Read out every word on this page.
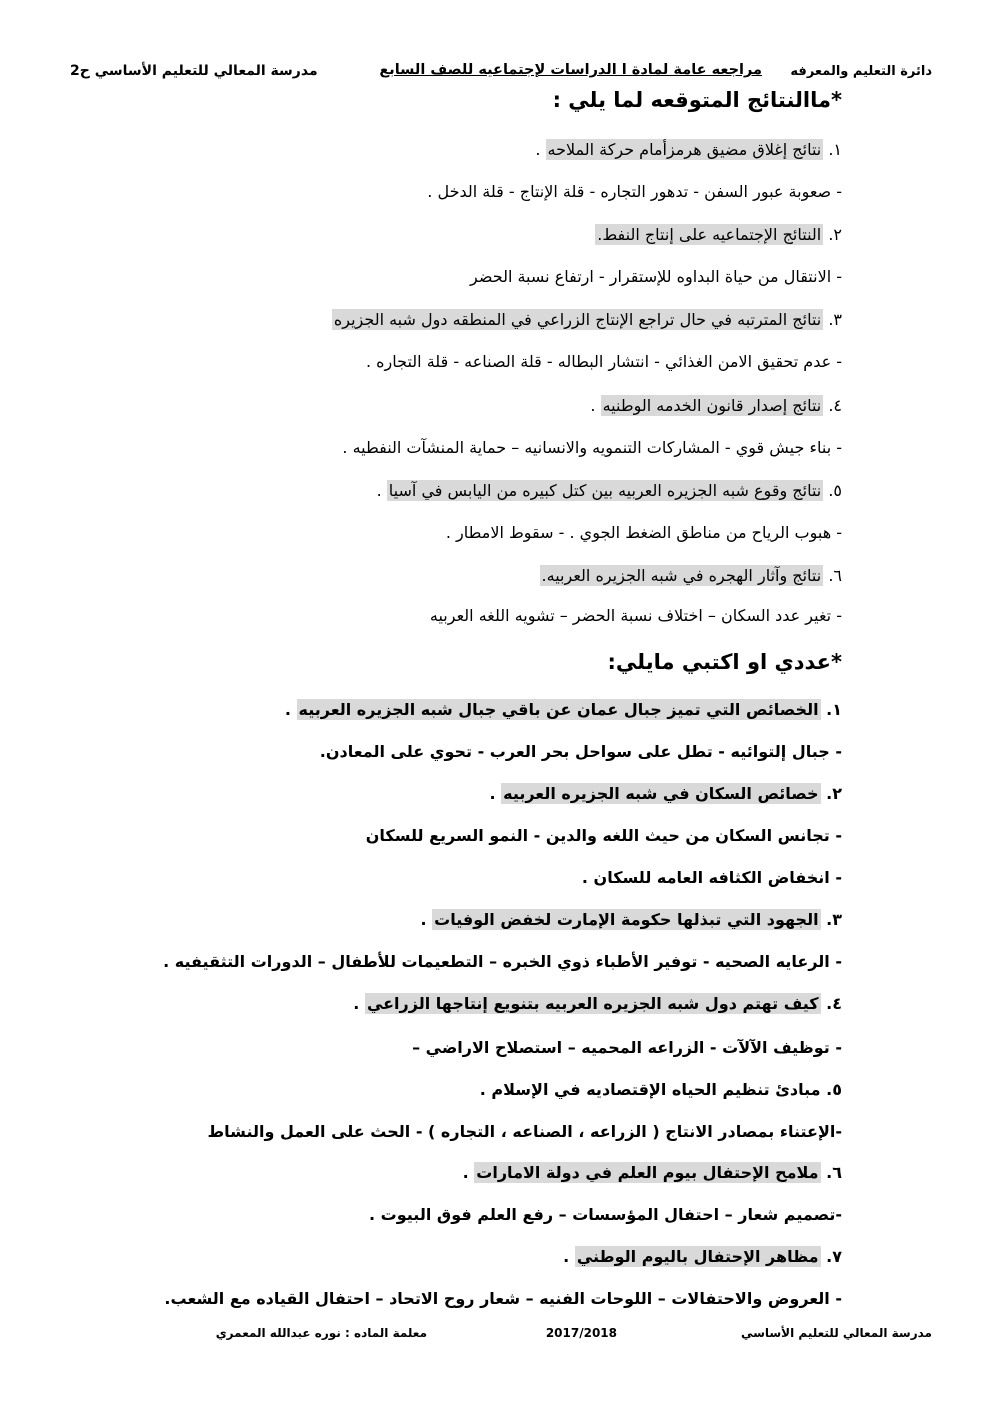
دائرة التعليم والمعرفه
مراجعه عامة لمادة ا الدراسات لإجتماعيه للصف السابع
مدرسة المعالي للتعليم الأساسي ح2
*ماالنتائج المتوقعه لما يلي :
١. نتائج إغلاق مضيق هرمزأمام حركة الملاحه .
- صعوبة عبور السفن - تدهور التجاره - قلة الإنتاج - قلة الدخل .
٢. النتائج الإجتماعيه على إنتاج النفط.
- الانتقال من حياة البداوه للإستقرار - ارتفاع نسبة الحضر
٣. نتائج المترتبه في حال تراجع الإنتاج الزراعي في المنطقه دول شبه الجزيره
- عدم تحقيق الامن الغذائي - انتشار البطاله - قلة الصناعه - قلة التجاره .
٤. نتائج إصدار قانون الخدمه الوطنيه .
- بناء جيش قوي - المشاركات التنمويه والانسانيه – حماية المنشآت النفطيه .
٥. نتائج وقوع شبه الجزيره العربيه بين كتل كبيره من اليابس في آسيا .
- هبوب الرياح من مناطق الضغط الجوي . - سقوط الامطار .
٦. نتائج وآثار الهجره في شبه الجزيره العربيه.
- تغير عدد السكان – اختلاف نسبة الحضر – تشويه اللغه العربيه
*عددي او اكتبي مايلي:
١. الخصائص التي تميز جبال عمان عن باقي جبال شبه الجزيره العربيه .
- جبال إلتوائيه - تطل على سواحل بحر العرب - تحوي على المعادن.
٢. خصائص السكان في شبه الجزيره العربيه .
- تجانس السكان من حيث اللغه والدين - النمو السريع للسكان
- انخفاض الكثافه العامه للسكان .
٣. الجهود التي تبذلها حكومة الإمارت لخفض الوفيات .
- الرعايه الصحيه - توفير الأطباء ذوي الخبره – التطعيمات للأطفال – الدورات التثقيفيه .
٤. كيف تهتم دول شبه الجزيره العربيه بتنويع إنتاجها الزراعي .
- توظيف الآلآت - الزراعه المحميه – استصلاح الاراضي –
٥. مبادئ تنظيم الحياه الإقتصاديه في الإسلام .
-الإعتناء بمصادر الانتاج ( الزراعه ، الصناعه ، التجاره ) - الحث على العمل والنشاط
٦. ملامح الإحتفال بيوم العلم في دولة الامارات .
-تصميم شعار – احتفال المؤسسات – رفع العلم فوق البيوت .
٧. مظاهر الإحتفال باليوم الوطني .
- العروض والاحتفالات – اللوحات الفنيه – شعار روح الاتحاد – احتفال القياده مع الشعب.
مدرسة المعالي للتعليم الأساسي
2017/2018
معلمة الماده : نوره عبدالله المعمري
